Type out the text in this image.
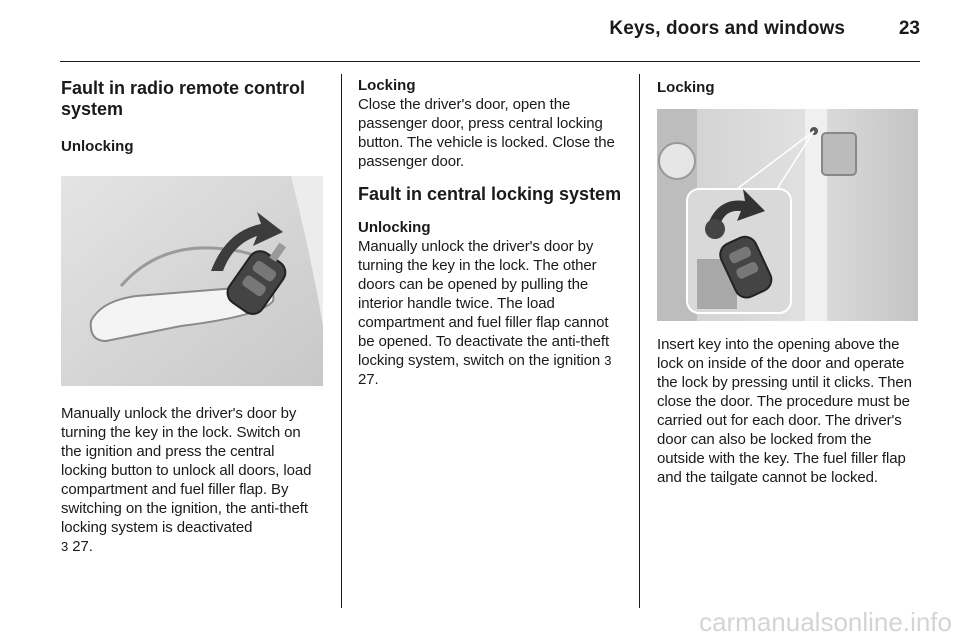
Keys, doors and windows	23
Fault in radio remote control system
Unlocking

Manually unlock the driver's door by turning the key in the lock. Switch on the ignition and press the central locking button to unlock all doors, load compartment and fuel filler flap. By switching on the ignition, the anti-theft locking system is deactivated
3 27.

Locking

Close the driver's door, open the passenger door, press central locking button. The vehicle is locked. Close the passenger door.

Fault in central locking system
Unlocking

Manually unlock the driver's door by turning the key in the lock. The other doors can be opened by pulling the interior handle twice. The load compartment and fuel filler flap cannot be opened. To deactivate the anti-theft locking system, switch on the ignition 3 27.

Locking

Insert key into the opening above the lock on inside of the door and operate the lock by pressing until it clicks. Then close the door. The procedure must be carried out for each door. The driver's door can also be locked from the outside with the key. The fuel filler flap and the tailgate cannot be locked.

carmanualsonline.info
